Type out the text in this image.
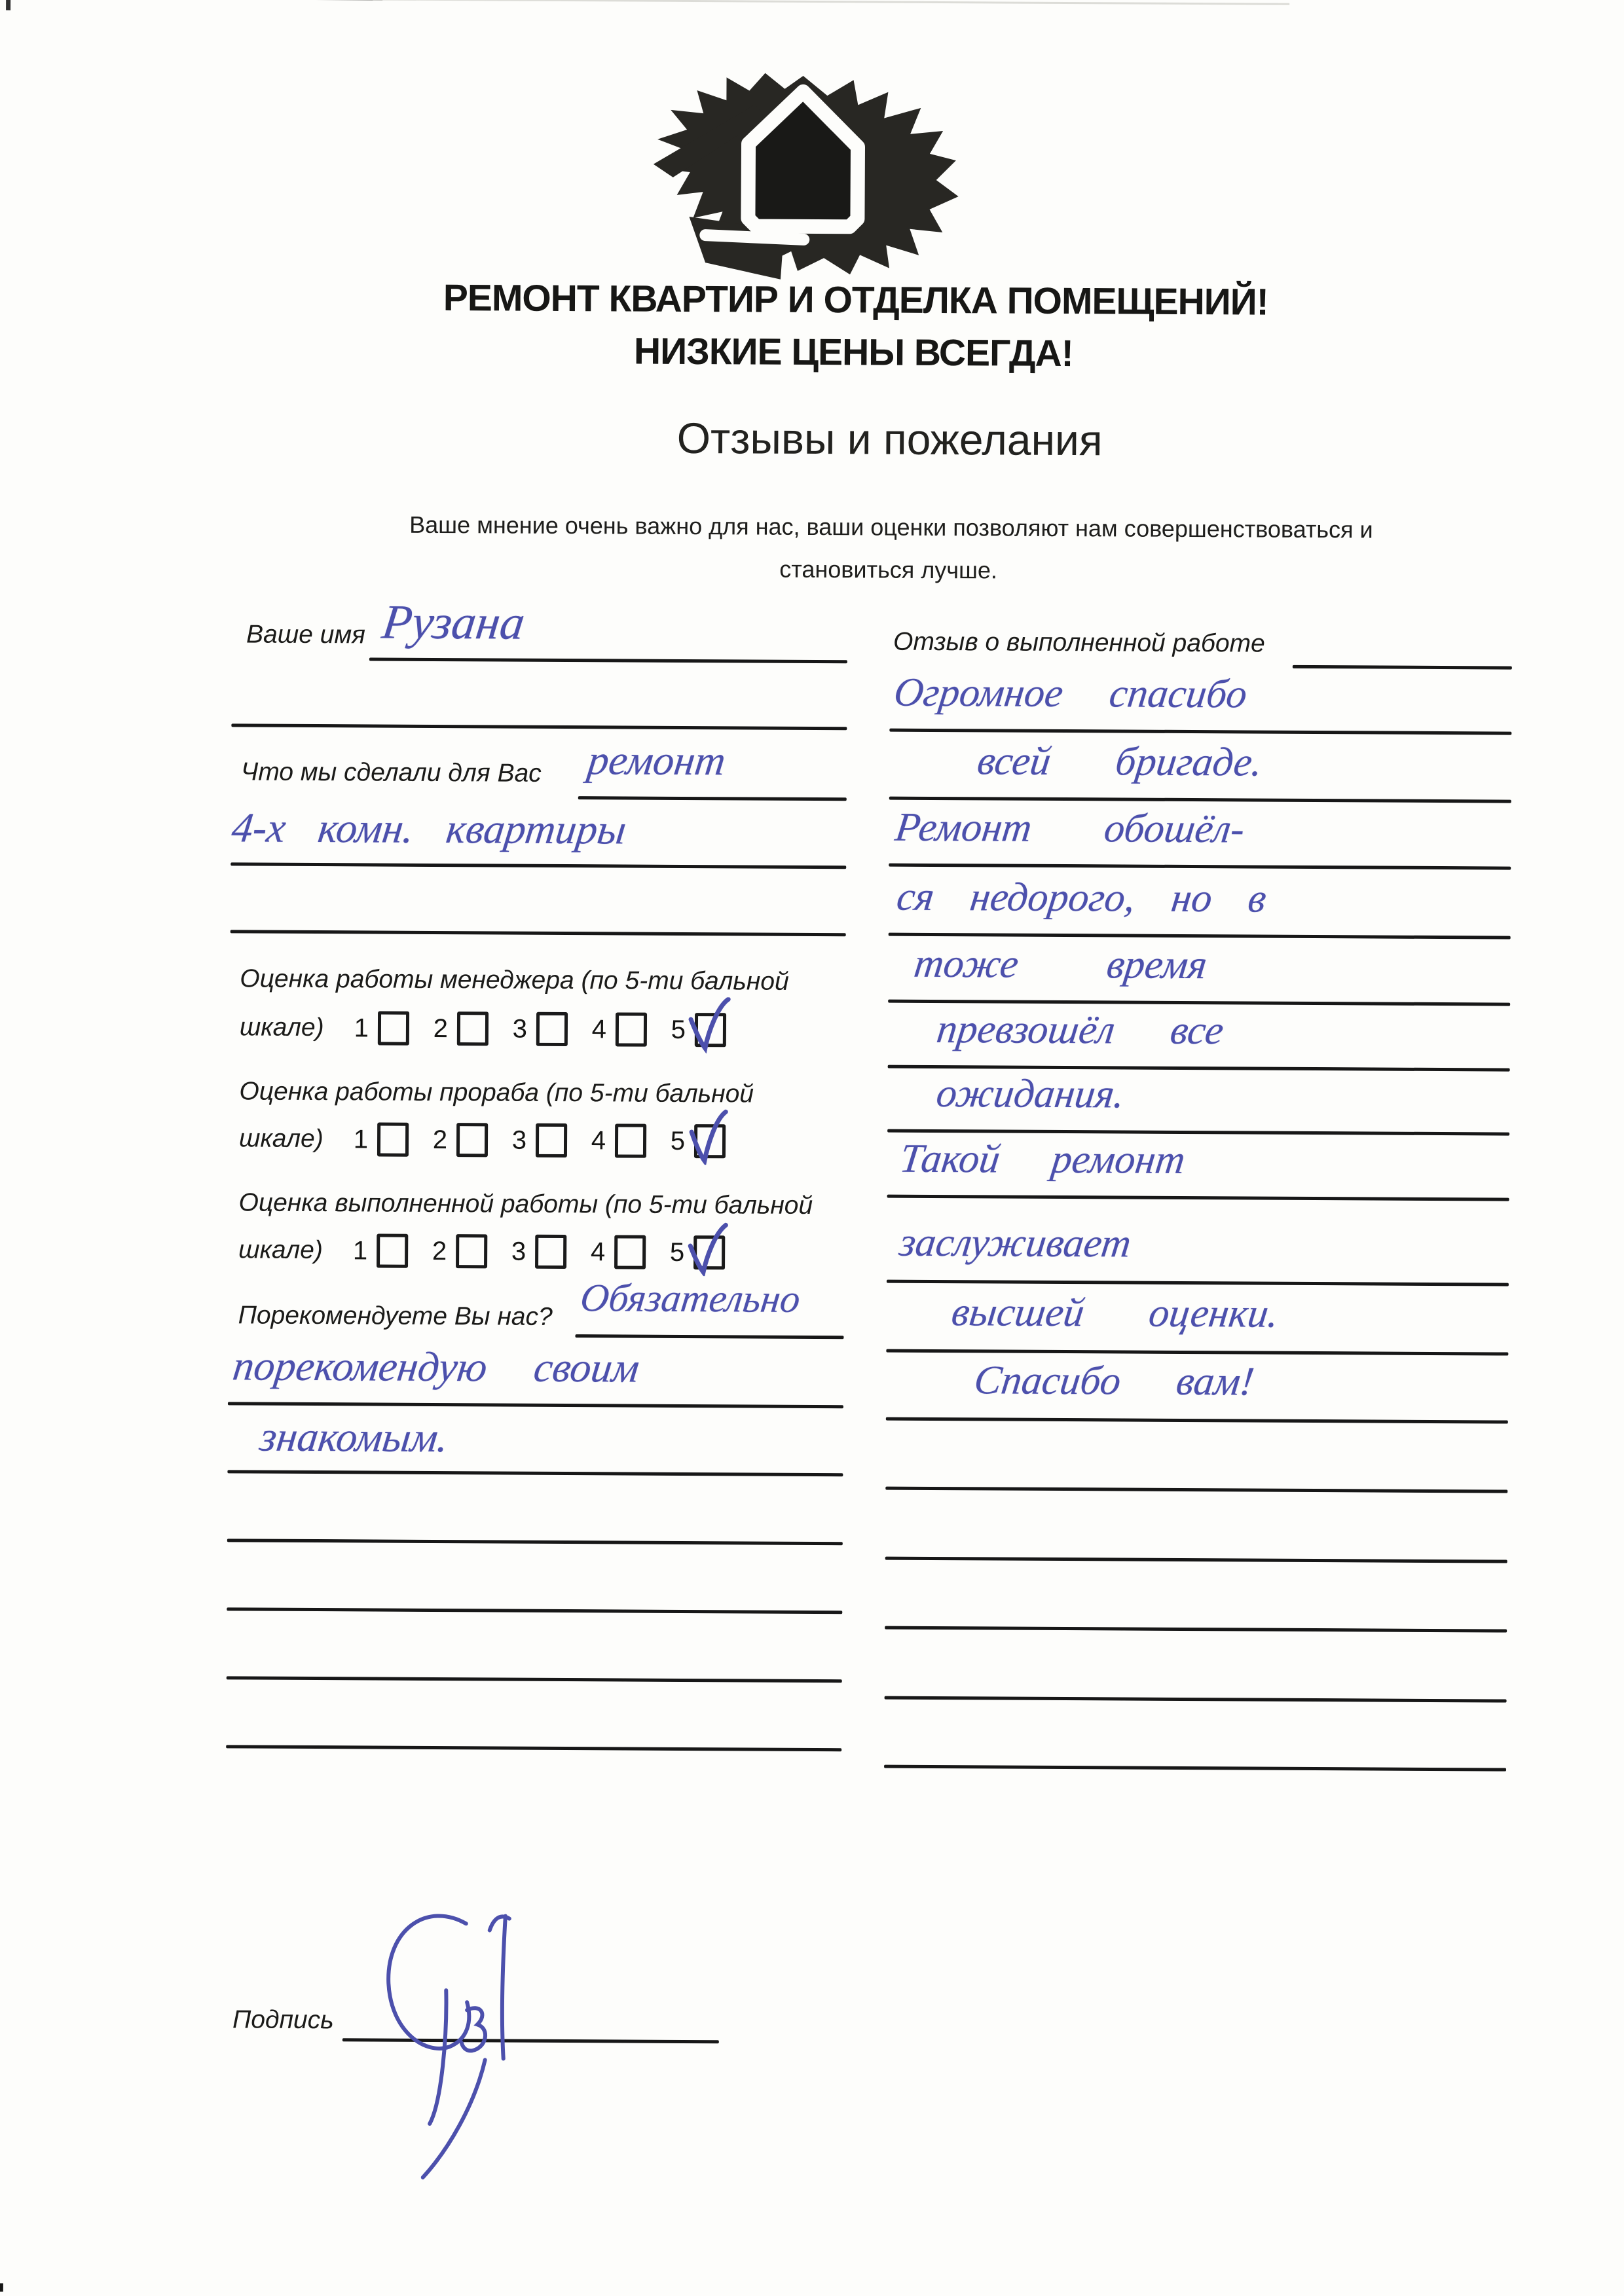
РЕМОНТ КВАРТИР И ОТДЕЛКА ПОМЕЩЕНИЙ!
НИЗКИЕ ЦЕНЫ ВСЕГДА!
Отзывы и пожелания
Ваше мнение очень важно для нас, ваши оценки позволяют нам совершенствоваться и
становиться лучше.
Ваше имя Рузана
Что мы сделали для Вас ремонт
4-х комн. квартиры
Оценка работы менеджера (по 5-ти бальной
шкале) 1 2 3 4 5
Оценка работы прораба (по 5-ти бальной
шкале) 1 2 3 4 5
Оценка выполненной работы (по 5-ти бальной
шкале) 1 2 3 4 5
Порекомендуете Вы нас? Обязательно
порекомендую своим
знакомым.
Подпись
Отзыв о выполненной работе
Огромное спасибо
всей бригаде.
Ремонт обошёл-
ся недорого, но в
тоже время
превзошёл все
ожидания.
Такой ремонт
заслуживает
высшей оценки.
Спасибо вам!
